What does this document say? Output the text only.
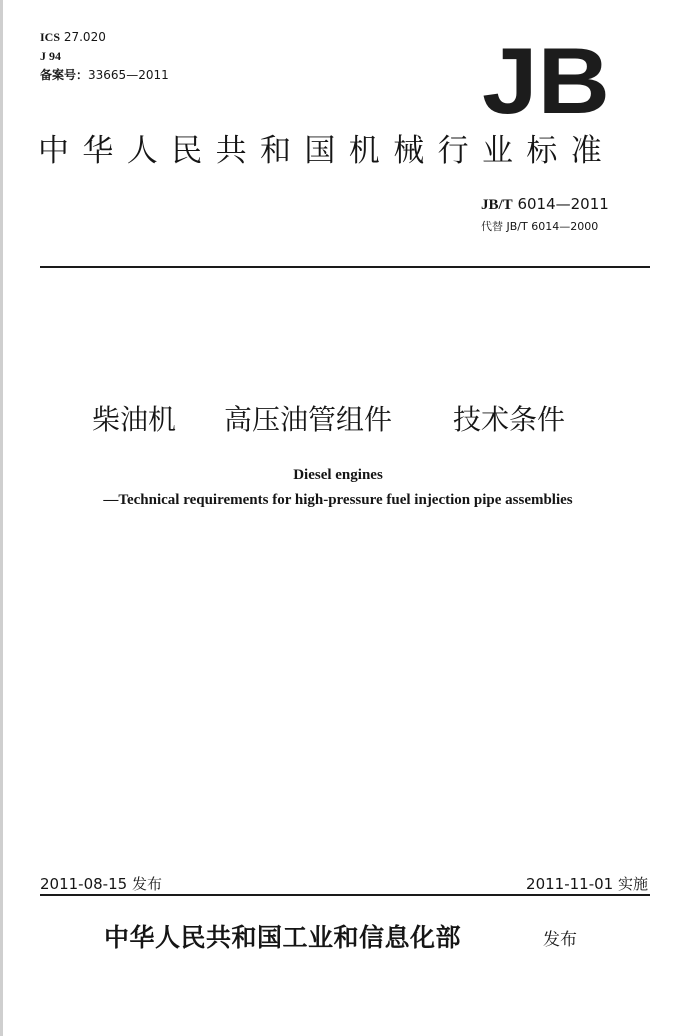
ICS 27.020
J 94
备案号：33665—2011	JB
中华人民共和国机械行业标准
JB/T 6014—2011
代替 JB/T 6014—2000
柴油机 高压油管组件 技术条件
Diesel engines
—Technical requirements for high-pressure fuel injection pipe assemblies
2011-08-15 发布	2011-11-01 实施
中华人民共和国工业和信息化部	发布
